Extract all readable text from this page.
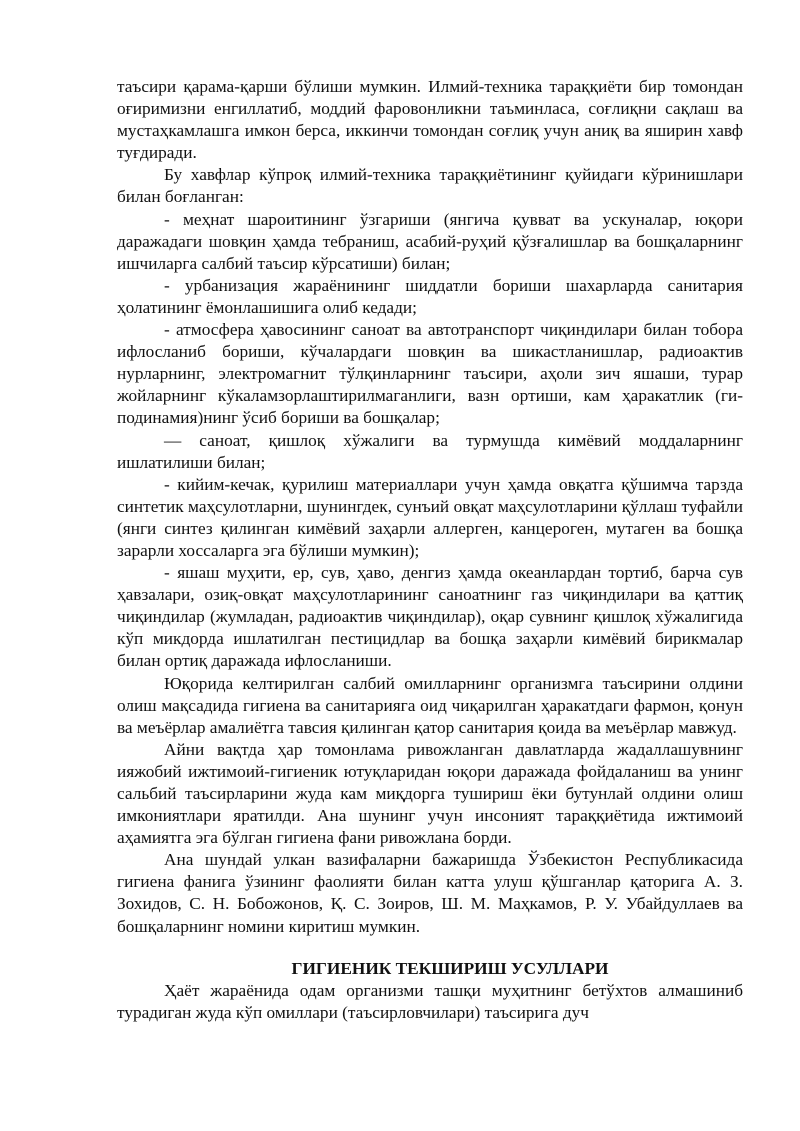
таъсири қарама-қарши бўлиши мумкин. Илмий-техника тараққиёти бир томондан оғиримизни енгиллатиб, моддий фаровонликни таъминласа, соғлиқни сақлаш ва мустаҳкамлашга имкон берса, иккинчи томондан соғлиқ учун аниқ ва яширин хавф туғдиради.

Бу хавфлар кўпроқ илмий-техника тараққиётининг қуйидаги кўринишлари билан боғланган:

- меҳнат шароитининг ўзгариши (янгича қувват ва ускуналар, юқори даражадаги шовқин ҳамда тебраниш, асабий-руҳий қўзғалишлар ва бошқаларнинг ишчиларга салбий таъсир кўрсатиши) билан;

- урбанизация жараёнининг шиддатли бориши шахарларда санитария ҳолатининг ёмонлашишига олиб кедади;

- атмосфера ҳавосининг саноат ва автотранспорт чиқиндилари билан тобора ифлосланиб бориши, кўчалардаги шовқин ва шикастланишлар, радиоактив нурларнинг, электромагнит тўлқинларнинг таъсири, аҳоли зич яшаши, турар жойларнинг кўкаламзорлаштирилмаганлиги, вазн ортиши, кам ҳаракатлик (ги-подинамия)нинг ўсиб бориши ва бошқалар;

— саноат, қишлоқ хўжалиги ва турмушда кимёвий моддаларнинг ишлатилиши билан;

- кийим-кечак, қурилиш материаллари учун ҳамда овқатга қўшимча тарзда синтетик маҳсулотларни, шунингдек, сунъий овқат маҳсулотларини қўллаш туфайли (янги синтез қилинган кимёвий заҳарли аллерген, канцероген, мутаген ва бошқа зарарли хоссаларга эга бўлиши мумкин);

- яшаш муҳити, ер, сув, ҳаво, денгиз ҳамда океанлардан тортиб, барча сув ҳавзалари, озиқ-овқат маҳсулотларининг саноатнинг газ чиқиндилари ва қаттиқ чиқиндилар (жумладан, радиоактив чиқиндилар), оқар сувнинг қишлоқ хўжалигида кўп микдорда ишлатилган пестицидлар ва бошқа заҳарли кимёвий бирикмалар билан ортиқ даражада ифлосланиши.

Юқорида келтирилган салбий омилларнинг организмга таъсирини олдини олиш мақсадида гигиена ва санитарияга оид чиқарилган ҳаракатдаги фармон, қонун ва меъёрлар амалиётга тавсия қилинган қатор санитария қоида ва меъёрлар мавжуд.

Айни вақтда ҳар томонлама ривожланган давлатларда жадаллашувнинг ияжобий ижтимоий-гигиеник ютуқларидан юқори даражада фойдаланиш ва унинг сальбий таъсирларини жуда кам миқдорга тушириш ёки бутунлай олдини олиш имкониятлари яратилди. Ана шунинг учун инсоният тараққиётида ижтимоий аҳамиятга эга бўлган гигиена фани ривожлана борди.

Ана шундай улкан вазифаларни бажаришда Ўзбекистон Республикасида гигиена фанига ўзининг фаолияти билан катта улуш қўшганлар қаторига А. З. Зохидов, С. Н. Бобожонов, Қ. С. Зоиров, Ш. М. Маҳкамов, Р. У. Убайдуллаев ва бошқаларнинг номини киритиш мумкин.

ГИГИЕНИК ТЕКШИРИШ УСУЛЛАРИ

Ҳаёт жараёнида одам организми ташқи муҳитнинг бетўхтов алмашиниб турадиган жуда кўп омиллари (таъсирловчилари) таъсирига дуч
